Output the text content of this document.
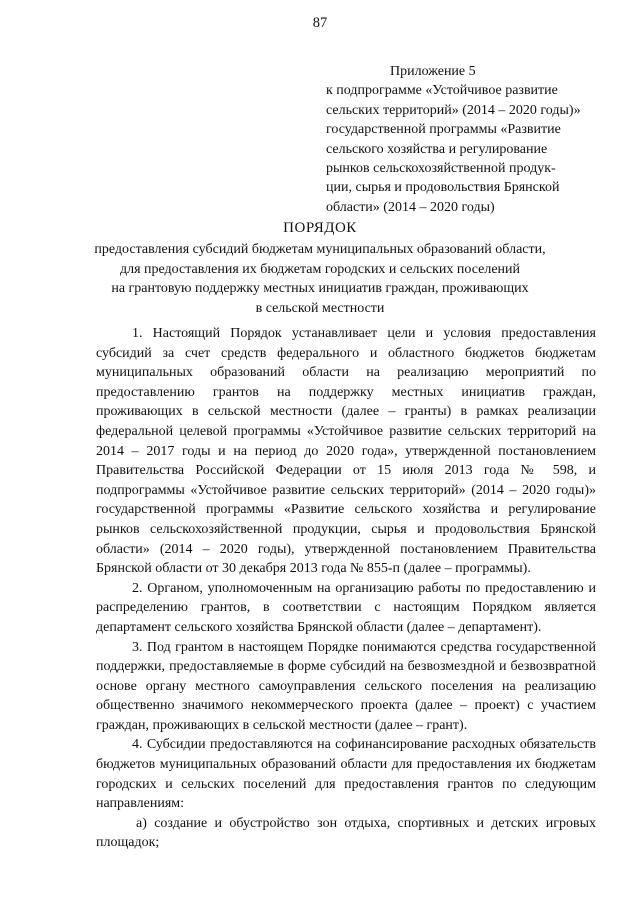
87
Приложение 5
к подпрограмме «Устойчивое развитие
сельских территорий» (2014 – 2020 годы)»
государственной программы «Развитие
сельского хозяйства и регулирование
рынков сельскохозяйственной продук-
ции, сырья и продовольствия Брянской
области» (2014 – 2020 годы)
ПОРЯДОК
предоставления субсидий бюджетам муниципальных образований области,
для предоставления их бюджетам городских и сельских поселений
на грантовую поддержку местных инициатив граждан, проживающих
в сельской местности

1. Настоящий Порядок устанавливает цели и условия предоставления субсидий за счет средств федерального и областного бюджетов бюджетам муниципальных образований области на реализацию мероприятий по предоставлению грантов на поддержку местных инициатив граждан, проживающих в сельской местности (далее – гранты) в рамках реализации федеральной целевой программы «Устойчивое развитие сельских территорий на 2014 – 2017 годы и на период до 2020 года», утвержденной постановлением Правительства Российской Федерации от 15 июля 2013 года № 598, и подпрограммы «Устойчивое развитие сельских территорий» (2014 – 2020 годы)» государственной программы «Развитие сельского хозяйства и регулирование рынков сельскохозяйственной продукции, сырья и продовольствия Брянской области» (2014 – 2020 годы), утвержденной постановлением Правительства Брянской области от 30 декабря 2013 года № 855-п (далее – программы).

2. Органом, уполномоченным на организацию работы по предоставлению и распределению грантов, в соответствии с настоящим Порядком является департамент сельского хозяйства Брянской области (далее – департамент).

3. Под грантом в настоящем Порядке понимаются средства государственной поддержки, предоставляемые в форме субсидий на безвозмездной и безвозвратной основе органу местного самоуправления сельского поселения на реализацию общественно значимого некоммерческого проекта (далее – проект) с участием граждан, проживающих в сельской местности (далее – грант).

4. Субсидии предоставляются на софинансирование расходных обязательств бюджетов муниципальных образований области для предоставления их бюджетам городских и сельских поселений для предоставления грантов по следующим направлениям:

а) создание и обустройство зон отдыха, спортивных и детских игровых площадок;
